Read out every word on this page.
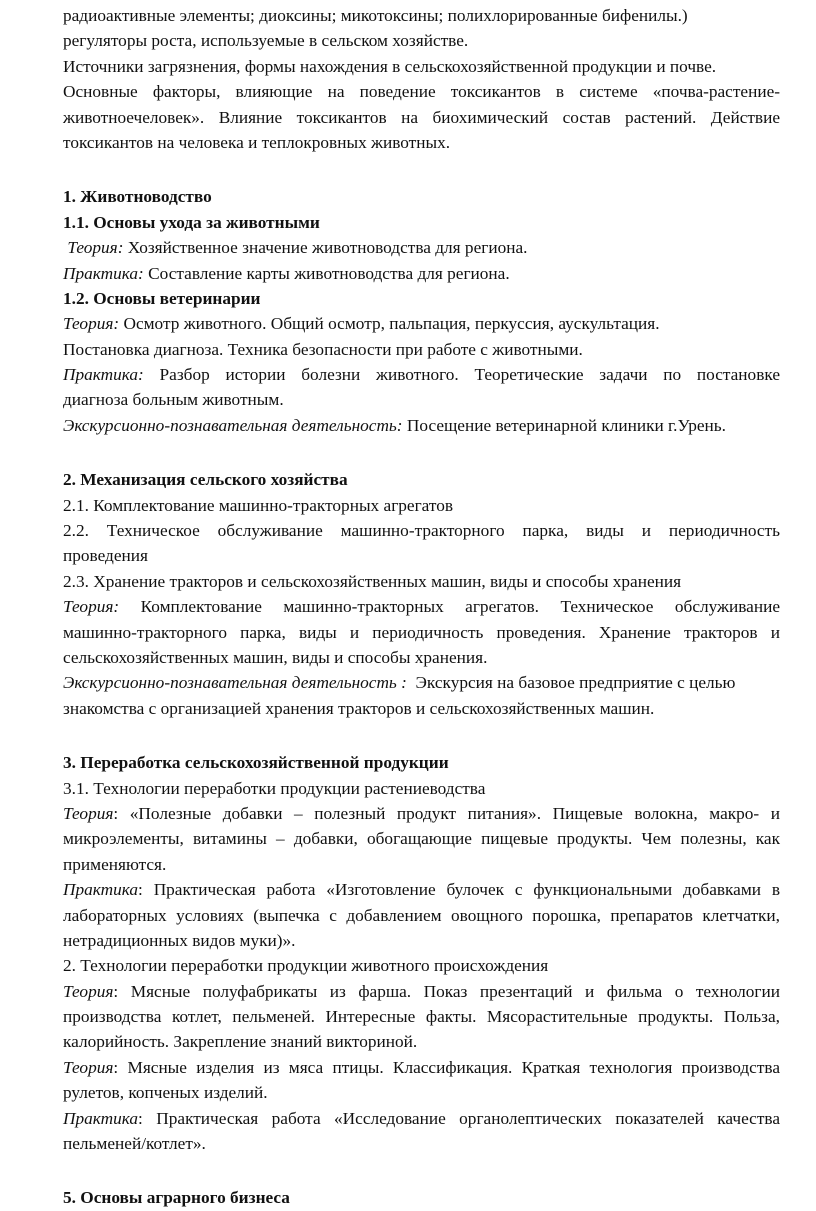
радиоактивные элементы; диоксины; микотоксины; полихлорированные бифенилы.)
регуляторы роста, используемые в сельском хозяйстве.
Источники загрязнения, формы нахождения в сельскохозяйственной продукции и почве.
Основные факторы, влияющие на поведение токсикантов в системе «почва-растение-
животноечеловек». Влияние токсикантов на биохимический состав растений. Действие
токсикантов на человека и теплокровных животных.
1. Животноводство
1.1. Основы ухода за животными
Теория: Хозяйственное значение животноводства для региона.
Практика: Составление карты животноводства для региона.
1.2. Основы ветеринарии
Теория: Осмотр животного. Общий осмотр, пальпация, перкуссия, аускультация.
Постановка диагноза. Техника безопасности при работе с животными.
Практика: Разбор истории болезни животного. Теоретические задачи по постановке
диагноза больным животным.
Экскурсионно-познавательная деятельность: Посещение ветеринарной клиники г.Урень.
2. Механизация сельского хозяйства
2.1. Комплектование машинно-тракторных агрегатов
2.2. Техническое обслуживание машинно-тракторного парка, виды и периодичность
проведения
2.3. Хранение тракторов и сельскохозяйственных машин, виды и способы хранения
Теория: Комплектование машинно-тракторных агрегатов. Техническое обслуживание
машинно-тракторного парка, виды и периодичность проведения. Хранение тракторов и
сельскохозяйственных машин, виды и способы хранения.
Экскурсионно-познавательная деятельность : Экскурсия на базовое предприятие с целью
знакомства с организацией хранения тракторов и сельскохозяйственных машин.
3. Переработка сельскохозяйственной продукции
3.1. Технологии переработки продукции растениеводства
Теория: «Полезные добавки – полезный продукт питания». Пищевые волокна, макро- и
микроэлементы, витамины – добавки, обогащающие пищевые продукты. Чем полезны, как
применяются.
Практика: Практическая работа «Изготовление булочек с функциональными добавками в
лабораторных условиях (выпечка с добавлением овощного порошка, препаратов клетчатки,
нетрадиционных видов муки)».
2. Технологии переработки продукции животного происхождения
Теория: Мясные полуфабрикаты из фарша. Показ презентаций и фильма о технологии
производства котлет, пельменей. Интересные факты. Мясорастительные продукты. Польза,
калорийность. Закрепление знаний викториной.
Теория: Мясные изделия из мяса птицы. Классификация. Краткая технология производства
рулетов, копченых изделий.
Практика: Практическая работа «Исследование органолептических показателей качества
пельменей/котлет».
5. Основы аграрного бизнеса
